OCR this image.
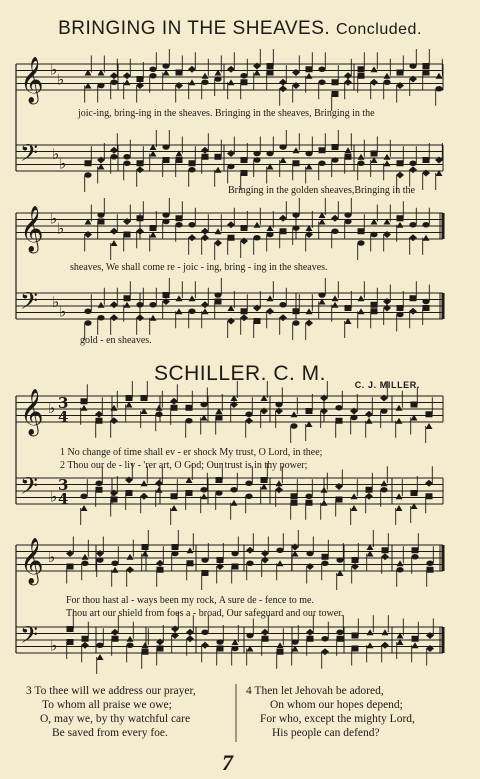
BRINGING IN THE SHEAVES. Concluded.
𝄞 ♭
♭
𝄢 ♭
♭
𝄞 ♭
♭
𝄢 ♭
♭
𝄞 ♭
𝄢 ♭
3
4
3
4
𝄞 ♭
𝄢 ♭
joic-ing, bring-ing in the sheaves. Bringing in the sheaves, Bringing in the
Bringing in the golden sheaves,Bringing in the
sheaves, We shall come re - joic - ing, bring - ing in the sheaves.
gold - en sheaves.
SCHILLER. C. M.	C. J. MILLER.
1 No change of time shall ev - er shock My trust, O Lord, in thee;
2 Thou our de - liv - 'rer art, O God; Our trust is in thy power;
For thou hast al - ways been my rock, A sure de - fence to me.
Thou art our shield from foes a - broad, Our safeguard and our tower.
3 To thee will we address our prayer,
To whom all praise we owe;
O, may we, by thy watchful care
Be saved from every foe.
4 Then let Jehovah be adored,
On whom our hopes depend;
For who, except the mighty Lord,
His people can defend?
7
